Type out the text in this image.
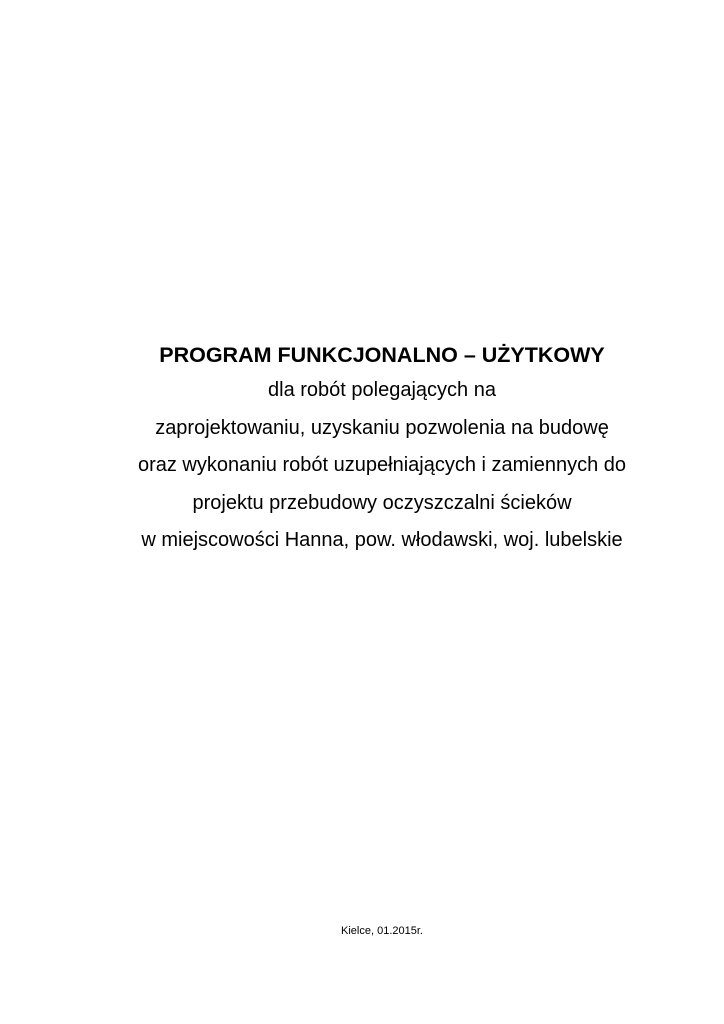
PROGRAM FUNKCJONALNO – UŻYTKOWY
dla robót polegających na
zaprojektowaniu, uzyskaniu pozwolenia na budowę
oraz wykonaniu robót uzupełniających i zamiennych do
projektu przebudowy oczyszczalni ścieków
w miejscowości Hanna, pow. włodawski, woj. lubelskie
Kielce, 01.2015r.
